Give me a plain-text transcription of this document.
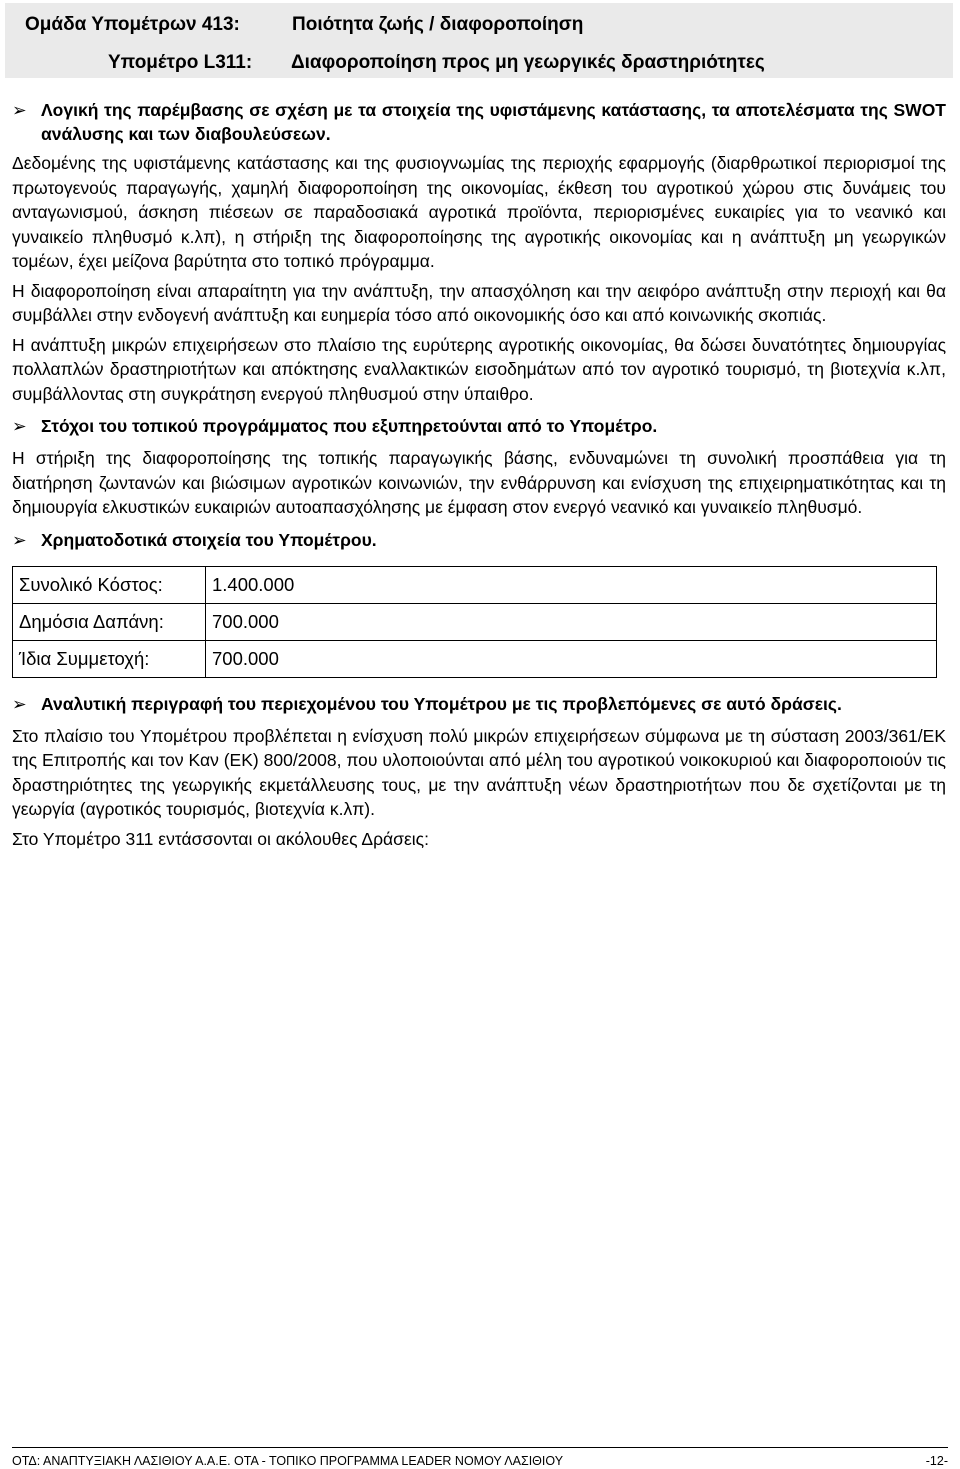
Ομάδα Υπομέτρων 413:	Ποιότητα ζωής / διαφοροποίηση
Υπομέτρο L311: Διαφοροποίηση προς μη γεωργικές δραστηριότητες
➢ Λογική της παρέμβασης σε σχέση με τα στοιχεία της υφιστάμενης κατάστασης, τα αποτελέσματα της SWOT ανάλυσης και των διαβουλεύσεων.

Δεδομένης της υφιστάμενης κατάστασης και της φυσιογνωμίας της περιοχής εφαρμογής (διαρθρωτικοί περιορισμοί της πρωτογενούς παραγωγής, χαμηλή διαφοροποίηση της οικονομίας, έκθεση του αγροτικού χώρου στις δυνάμεις του ανταγωνισμού, άσκηση πιέσεων σε παραδοσιακά αγροτικά προϊόντα, περιορισμένες ευκαιρίες για το νεανικό και γυναικείο πληθυσμό κ.λπ), η στήριξη της διαφοροποίησης της αγροτικής οικονομίας και η ανάπτυξη μη γεωργικών τομέων, έχει μείζονα βαρύτητα στο τοπικό πρόγραμμα.

Η διαφοροποίηση είναι απαραίτητη για την ανάπτυξη, την απασχόληση και την αειφόρο ανάπτυξη στην περιοχή και θα συμβάλλει στην ενδογενή ανάπτυξη και ευημερία τόσο από οικονομικής όσο και από κοινωνικής σκοπιάς.

Η ανάπτυξη μικρών επιχειρήσεων στο πλαίσιο της ευρύτερης αγροτικής οικονομίας, θα δώσει δυνατότητες δημιουργίας πολλαπλών δραστηριοτήτων και απόκτησης εναλλακτικών εισοδημάτων από τον αγροτικό τουρισμό, τη βιοτεχνία κ.λπ, συμβάλλοντας στη συγκράτηση ενεργού πληθυσμού στην ύπαιθρο.

➢ Στόχοι του τοπικού προγράμματος που εξυπηρετούνται από το Υπομέτρο.

Η στήριξη της διαφοροποίησης της τοπικής παραγωγικής βάσης, ενδυναμώνει τη συνολική προσπάθεια για τη διατήρηση ζωντανών και βιώσιμων αγροτικών κοινωνιών, την ενθάρρυνση και ενίσχυση της επιχειρηματικότητας και τη δημιουργία ελκυστικών ευκαιριών αυτοαπασχόλησης με έμφαση στον ενεργό νεανικό και γυναικείο πληθυσμό.

➢ Χρηματοδοτικά στοιχεία του Υπομέτρου.
Συνολικό Κόστος:	1.400.000
Δημόσια Δαπάνη:	700.000
Ίδια Συμμετοχή:	700.000
➢ Αναλυτική περιγραφή του περιεχομένου του Υπομέτρου με τις προβλεπόμενες σε αυτό δράσεις.

Στο πλαίσιο του Υπομέτρου προβλέπεται η ενίσχυση πολύ μικρών επιχειρήσεων σύμφωνα με τη σύσταση 2003/361/ΕΚ της Επιτροπής και τον Καν (ΕΚ) 800/2008, που υλοποιούνται από μέλη του αγροτικού νοικοκυριού και διαφοροποιούν τις δραστηριότητες της γεωργικής εκμετάλλευσης τους, με την ανάπτυξη νέων δραστηριοτήτων που δε σχετίζονται με τη γεωργία (αγροτικός τουρισμός, βιοτεχνία κ.λπ).

Στο Υπομέτρο 311 εντάσσονται οι ακόλουθες Δράσεις:

ΟΤΔ: ΑΝΑΠΤΥΞΙΑΚΗ ΛΑΣΙΘΙΟΥ Α.Α.Ε. ΟΤΑ - ΤΟΠΙΚΟ ΠΡΟΓΡΑΜΜΑ LEADER ΝΟΜΟΥ ΛΑΣΙΘΙΟΥ	-12-
